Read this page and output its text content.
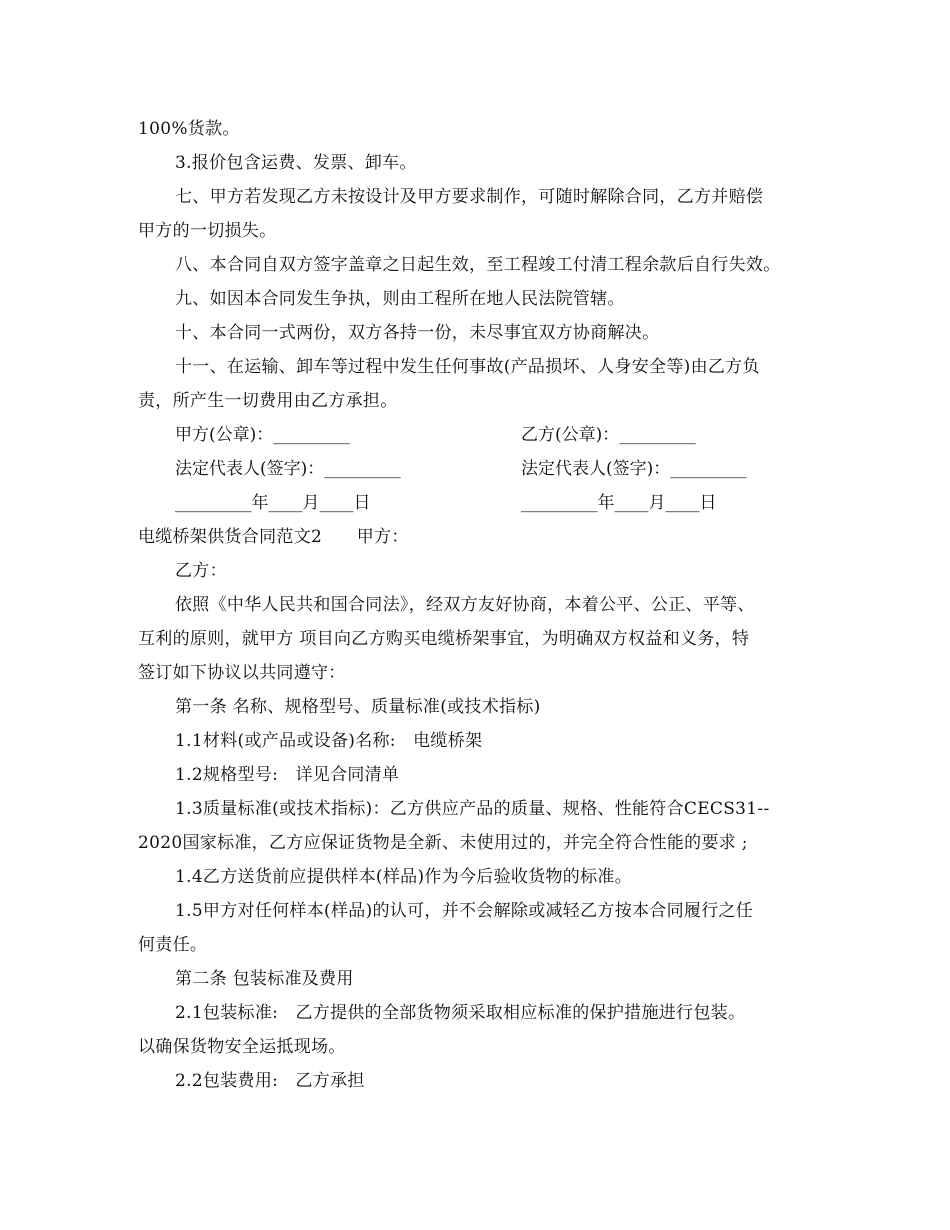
100%货款。
3.报价包含运费、发票、卸车。
七、甲方若发现乙方未按设计及甲方要求制作，可随时解除合同，乙方并赔偿
甲方的一切损失。
八、本合同自双方签字盖章之日起生效，至工程竣工付清工程余款后自行失效。
九、如因本合同发生争执，则由工程所在地人民法院管辖。
十、本合同一式两份，双方各持一份，未尽事宜双方协商解决。
十一、在运输、卸车等过程中发生任何事故(产品损坏、人身安全等)由乙方负
责，所产生一切费用由乙方承担。
甲方(公章)：_________	乙方(公章)：_________
法定代表人(签字)：_________	法定代表人(签字)：_________
_________年____月____日	_________年____月____日
电缆桥架供货合同范文2　　甲方：
乙方：
依照《中华人民共和国合同法》，经双方友好协商，本着公平、公正、平等、
互利的原则，就甲方 项目向乙方购买电缆桥架事宜，为明确双方权益和义务，特
签订如下协议以共同遵守：
第一条 名称、规格型号、质量标准(或技术指标)
1.1材料(或产品或设备)名称:　电缆桥架
1.2规格型号:　详见合同清单
1.3质量标准(或技术指标)：乙方供应产品的质量、规格、性能符合CECS31--
2020国家标准，乙方应保证货物是全新、未使用过的，并完全符合性能的要求 ;
1.4乙方送货前应提供样本(样品)作为今后验收货物的标准。
1.5甲方对任何样本(样品)的认可，并不会解除或减轻乙方按本合同履行之任
何责任。
第二条 包装标准及费用
2.1包装标准:　乙方提供的全部货物须采取相应标准的保护措施进行包装。
以确保货物安全运抵现场。
2.2包装费用:　乙方承担
